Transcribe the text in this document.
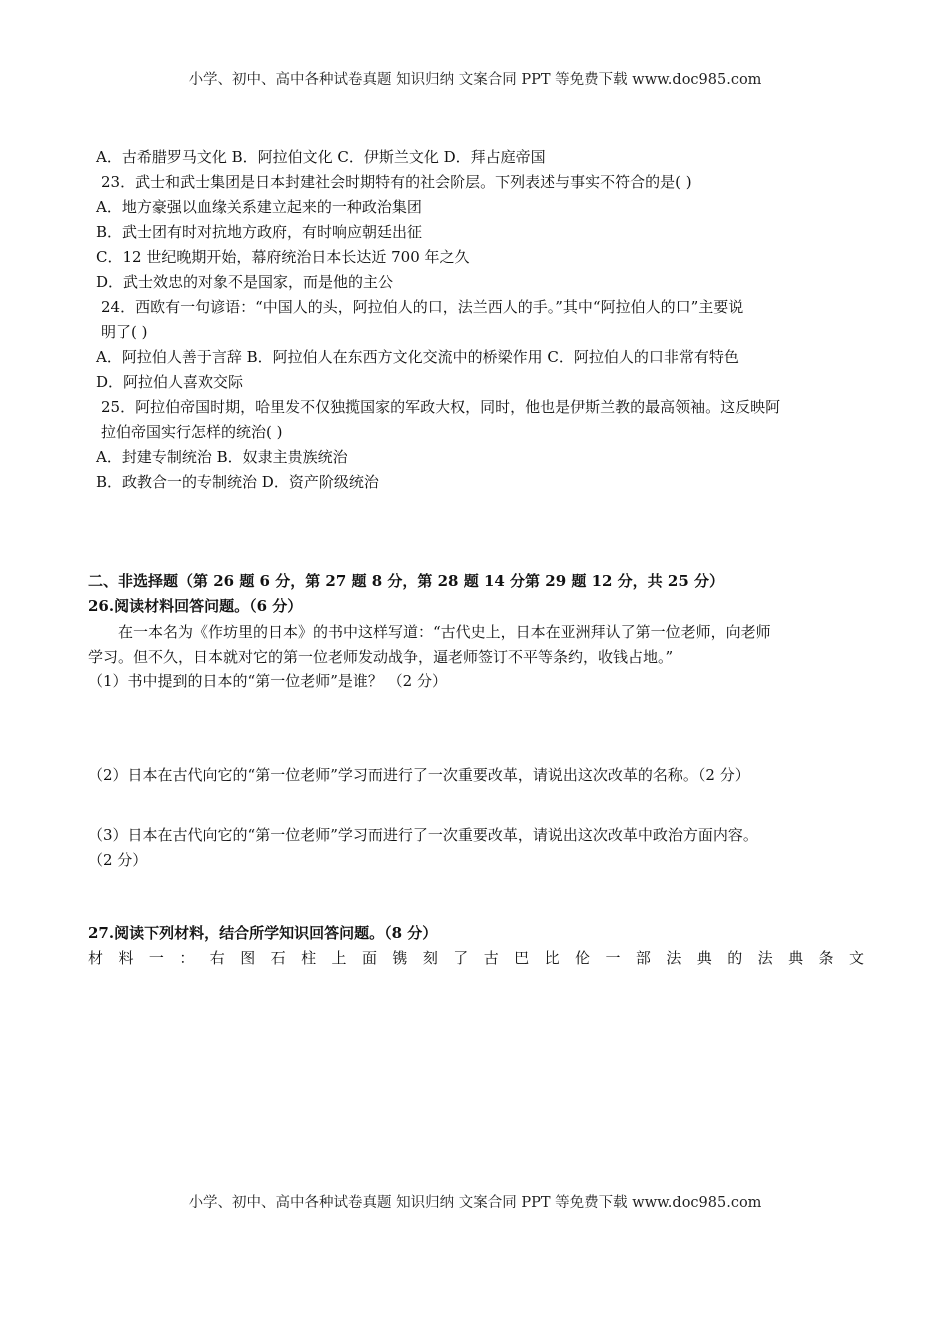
小学、初中、高中各种试卷真题 知识归纳 文案合同 PPT 等免费下载 www.doc985.com
A．古希腊罗马文化 B．阿拉伯文化 C．伊斯兰文化 D．拜占庭帝国
23．武士和武士集团是日本封建社会时期特有的社会阶层。下列表述与事实不符合的是( )
A．地方豪强以血缘关系建立起来的一种政治集团
B．武士团有时对抗地方政府，有时响应朝廷出征
C．12 世纪晚期开始，幕府统治日本长达近 700 年之久
D．武士效忠的对象不是国家，而是他的主公
24．西欧有一句谚语：“中国人的头，阿拉伯人的口，法兰西人的手。”其中“阿拉伯人的口”主要说
明了( )
A．阿拉伯人善于言辞 B．阿拉伯人在东西方文化交流中的桥梁作用 C．阿拉伯人的口非常有特色
D．阿拉伯人喜欢交际
25．阿拉伯帝国时期，哈里发不仅独揽国家的军政大权，同时，他也是伊斯兰教的最高领袖。这反映阿
拉伯帝国实行怎样的统治( )
A．封建专制统治 B．奴隶主贵族统治
B．政教合一的专制统治 D．资产阶级统治
二、非选择题（第 26 题 6 分，第 27 题 8 分，第 28 题 14 分第 29 题 12 分，共 25 分）
26.阅读材料回答问题。（6 分）
在一本名为《作坊里的日本》的书中这样写道：“古代史上，日本在亚洲拜认了第一位老师，向老师
学习。但不久，日本就对它的第一位老师发动战争，逼老师签订不平等条约，收钱占地。”
（1）书中提到的日本的“第一位老师”是谁？ （2 分）
（2）日本在古代向它的“第一位老师”学习而进行了一次重要改革，请说出这次改革的名称。（2 分）
（3）日本在古代向它的“第一位老师”学习而进行了一次重要改革，请说出这次改革中政治方面内容。
（2 分）
27.阅读下列材料，结合所学知识回答问题。（8 分）
材 料 一 ： 右 图 石 柱 上 面 镌 刻 了 古 巴 比 伦 一 部 法 典 的 法 典 条 文
小学、初中、高中各种试卷真题 知识归纳 文案合同 PPT 等免费下载 www.doc985.com
